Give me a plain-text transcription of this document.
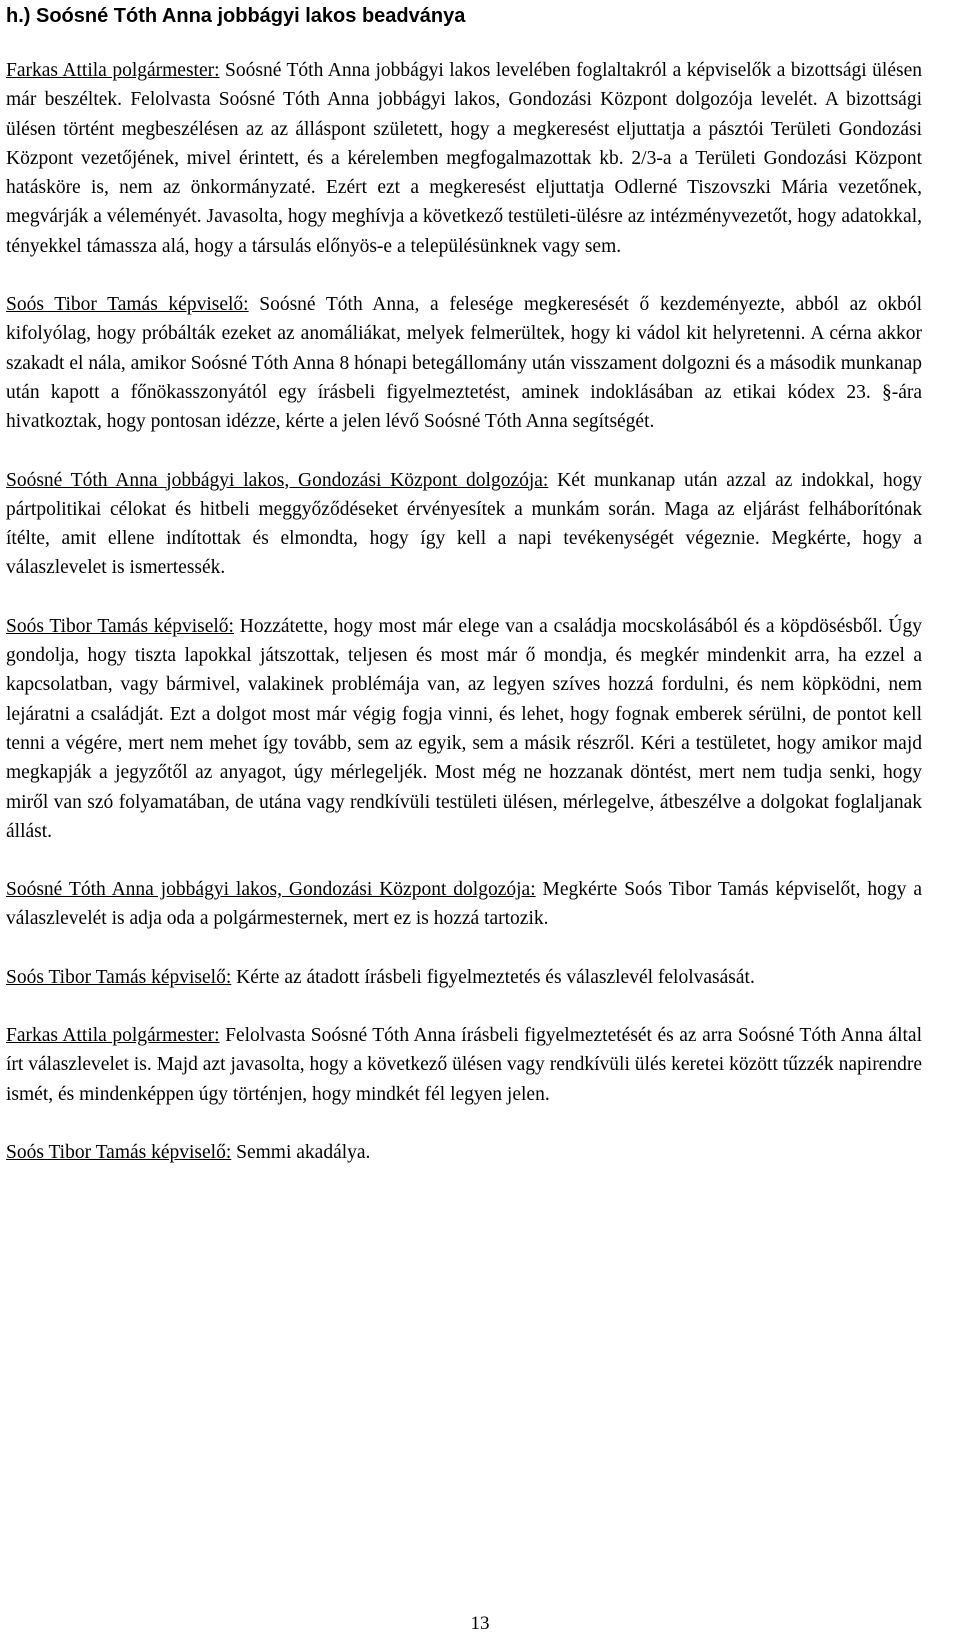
h.) Soósné Tóth Anna jobbágyi lakos beadványa

Farkas Attila polgármester: Soósné Tóth Anna jobbágyi lakos levelében foglaltakról a képviselők a bizottsági ülésen már beszéltek. Felolvasta Soósné Tóth Anna jobbágyi lakos, Gondozási Központ dolgozója levelét. A bizottsági ülésen történt megbeszélésen az az álláspont született, hogy a megkeresést eljuttatja a pásztói Területi Gondozási Központ vezetőjének, mivel érintett, és a kérelemben megfogalmazottak kb. 2/3-a a Területi Gondozási Központ hatásköre is, nem az önkormányzaté. Ezért ezt a megkeresést eljuttatja Odlerné Tiszovszki Mária vezetőnek, megvárják a véleményét. Javasolta, hogy meghívja a következő testületi-ülésre az intézményvezetőt, hogy adatokkal, tényekkel támassza alá, hogy a társulás előnyös-e a településünknek vagy sem.

Soós Tibor Tamás képviselő: Soósné Tóth Anna, a felesége megkeresését ő kezdeményezte, abból az okból kifolyólag, hogy próbálták ezeket az anomáliákat, melyek felmerültek, hogy ki vádol kit helyretenni. A cérna akkor szakadt el nála, amikor Soósné Tóth Anna 8 hónapi betegállomány után visszament dolgozni és a második munkanap után kapott a főnökasszonyától egy írásbeli figyelmeztetést, aminek indoklásában az etikai kódex 23. §-ára hivatkoztak, hogy pontosan idézze, kérte a jelen lévő Soósné Tóth Anna segítségét.

Soósné Tóth Anna jobbágyi lakos, Gondozási Központ dolgozója: Két munkanap után azzal az indokkal, hogy pártpolitikai célokat és hitbeli meggyőződéseket érvényesítek a munkám során. Maga az eljárást felháborítónak ítélte, amit ellene indítottak és elmondta, hogy így kell a napi tevékenységét végeznie. Megkérte, hogy a válaszlevelet is ismertessék.

Soós Tibor Tamás képviselő: Hozzátette, hogy most már elege van a családja mocskolásából és a köpdösésből. Úgy gondolja, hogy tiszta lapokkal játszottak, teljesen és most már ő mondja, és megkér mindenkit arra, ha ezzel a kapcsolatban, vagy bármivel, valakinek problémája van, az legyen szíves hozzá fordulni, és nem köpködni, nem lejáratni a családját. Ezt a dolgot most már végig fogja vinni, és lehet, hogy fognak emberek sérülni, de pontot kell tenni a végére, mert nem mehet így tovább, sem az egyik, sem a másik részről. Kéri a testületet, hogy amikor majd megkapják a jegyzőtől az anyagot, úgy mérlegeljék. Most még ne hozzanak döntést, mert nem tudja senki, hogy miről van szó folyamatában, de utána vagy rendkívüli testületi ülésen, mérlegelve, átbeszélve a dolgokat foglaljanak állást.

Soósné Tóth Anna jobbágyi lakos, Gondozási Központ dolgozója: Megkérte Soós Tibor Tamás képviselőt, hogy a válaszlevelét is adja oda a polgármesternek, mert ez is hozzá tartozik.

Soós Tibor Tamás képviselő: Kérte az átadott írásbeli figyelmeztetés és válaszlevél felolvasását.

Farkas Attila polgármester: Felolvasta Soósné Tóth Anna írásbeli figyelmeztetését és az arra Soósné Tóth Anna által írt válaszlevelet is. Majd azt javasolta, hogy a következő ülésen vagy rendkívüli ülés keretei között tűzzék napirendre ismét, és mindenképpen úgy történjen, hogy mindkét fél legyen jelen.

Soós Tibor Tamás képviselő: Semmi akadálya.

13
